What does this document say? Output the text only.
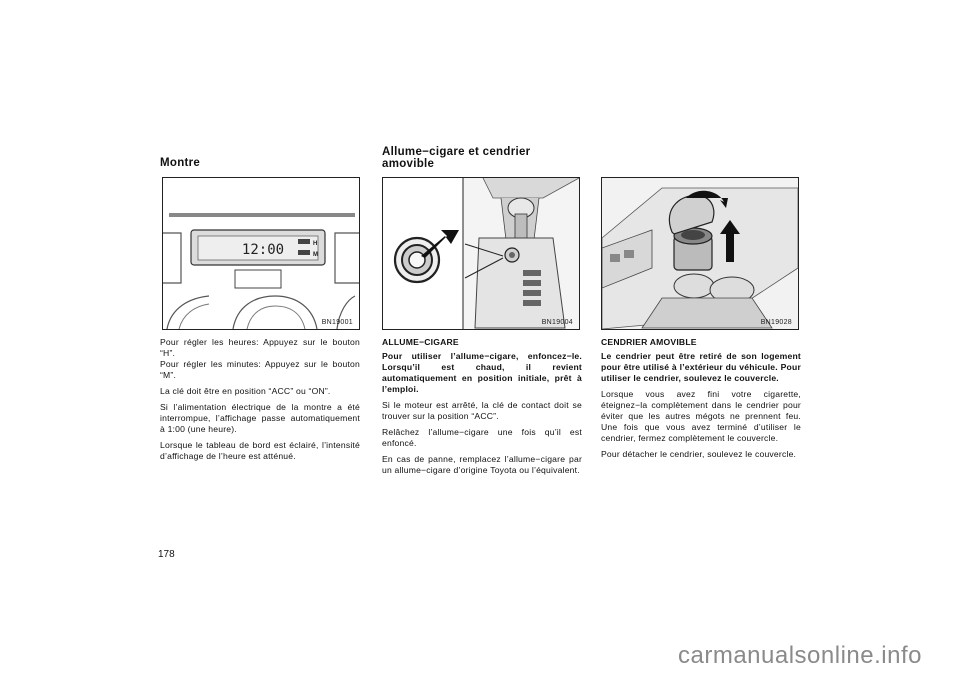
Montre
Allume−cigare et cendrier
amovible
12:00	H
M
BN19001	BN19004	BN19028

Pour régler les heures: Appuyez sur le bouton “H”.

Pour régler les minutes: Appuyez sur le bouton “M”.

La clé doit être en position “ACC” ou “ON”.

Si l’alimentation électrique de la montre a été interrompue, l’affichage passe automatiquement à 1:00 (une heure).

Lorsque le tableau de bord est éclairé, l’intensité d’affichage de l’heure est atténué.

ALLUME−CIGARE

Pour utiliser l’allume−cigare, enfoncez−le. Lorsqu’il est chaud, il revient automatiquement en position initiale, prêt à l’emploi.

Si le moteur est arrêté, la clé de contact doit se trouver sur la position “ACC”.

Relâchez l’allume−cigare une fois qu’il est enfoncé.

En cas de panne, remplacez l’allume−cigare par un allume−cigare d’origine Toyota ou l’équivalent.

CENDRIER AMOVIBLE

Le cendrier peut être retiré de son logement pour être utilisé à l’extérieur du véhicule. Pour utiliser le cendrier, soulevez le couvercle.

Lorsque vous avez fini votre cigarette, éteignez−la complètement dans le cendrier pour éviter que les autres mégots ne prennent feu. Une fois que vous avez terminé d’utiliser le cendrier, fermez complètement le couvercle.

Pour détacher le cendrier, soulevez le couvercle.

178
carmanualsonline.info
